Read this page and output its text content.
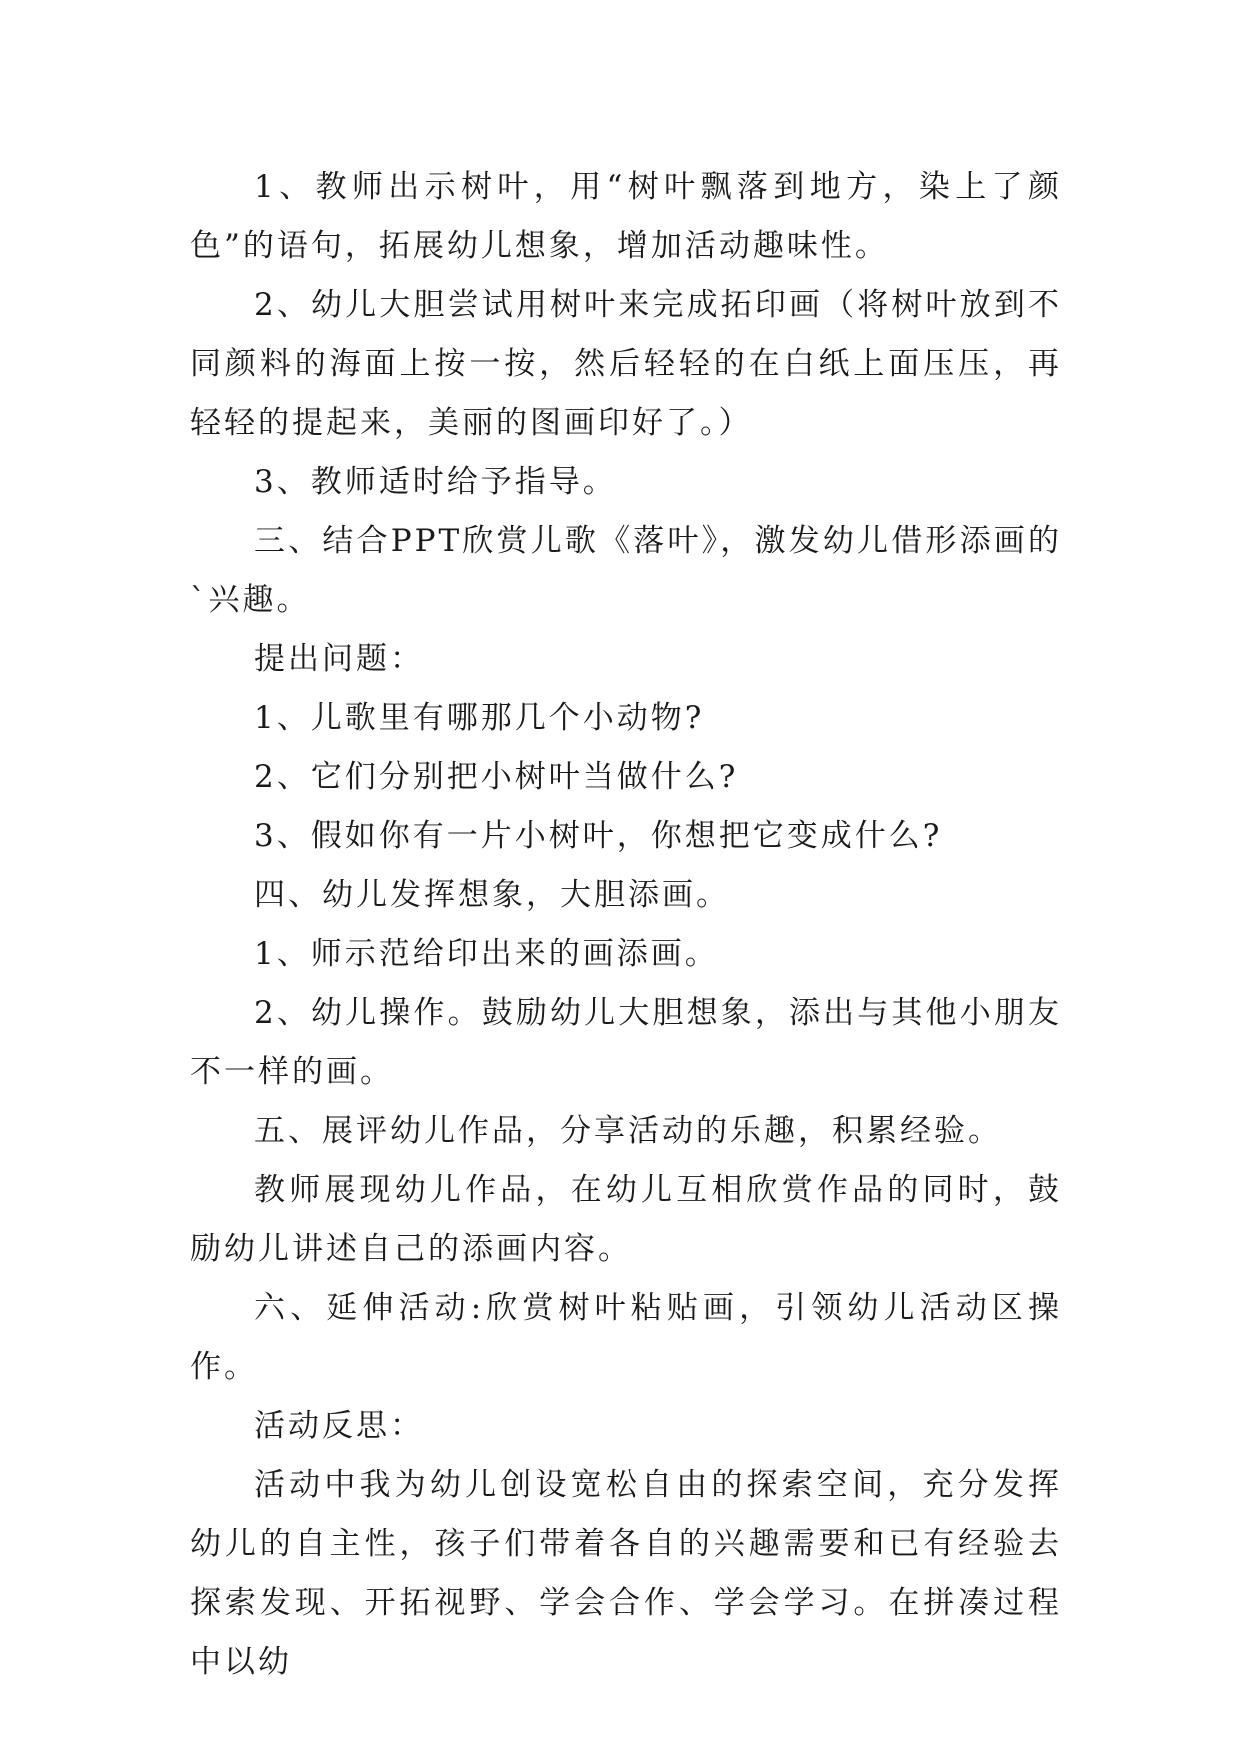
1、教师出示树叶，用“树叶飘落到地方，染上了颜色”的语句，拓展幼儿想象，增加活动趣味性。

2、幼儿大胆尝试用树叶来完成拓印画（将树叶放到不同颜料的海面上按一按，然后轻轻的在白纸上面压压，再轻轻的提起来，美丽的图画印好了。）

3、教师适时给予指导。

三、结合PPT欣赏儿歌《落叶》，激发幼儿借形添画的`兴趣。

提出问题：

1、儿歌里有哪那几个小动物?

2、它们分别把小树叶当做什么?

3、假如你有一片小树叶，你想把它变成什么?

四、幼儿发挥想象，大胆添画。

1、师示范给印出来的画添画。

2、幼儿操作。鼓励幼儿大胆想象，添出与其他小朋友不一样的画。

五、展评幼儿作品，分享活动的乐趣，积累经验。

教师展现幼儿作品，在幼儿互相欣赏作品的同时，鼓励幼儿讲述自己的添画内容。

六、延伸活动:欣赏树叶粘贴画，引领幼儿活动区操作。

活动反思：

活动中我为幼儿创设宽松自由的探索空间，充分发挥幼儿的自主性，孩子们带着各自的兴趣需要和已有经验去探索发现、开拓视野、学会合作、学会学习。在拼凑过程中以幼
